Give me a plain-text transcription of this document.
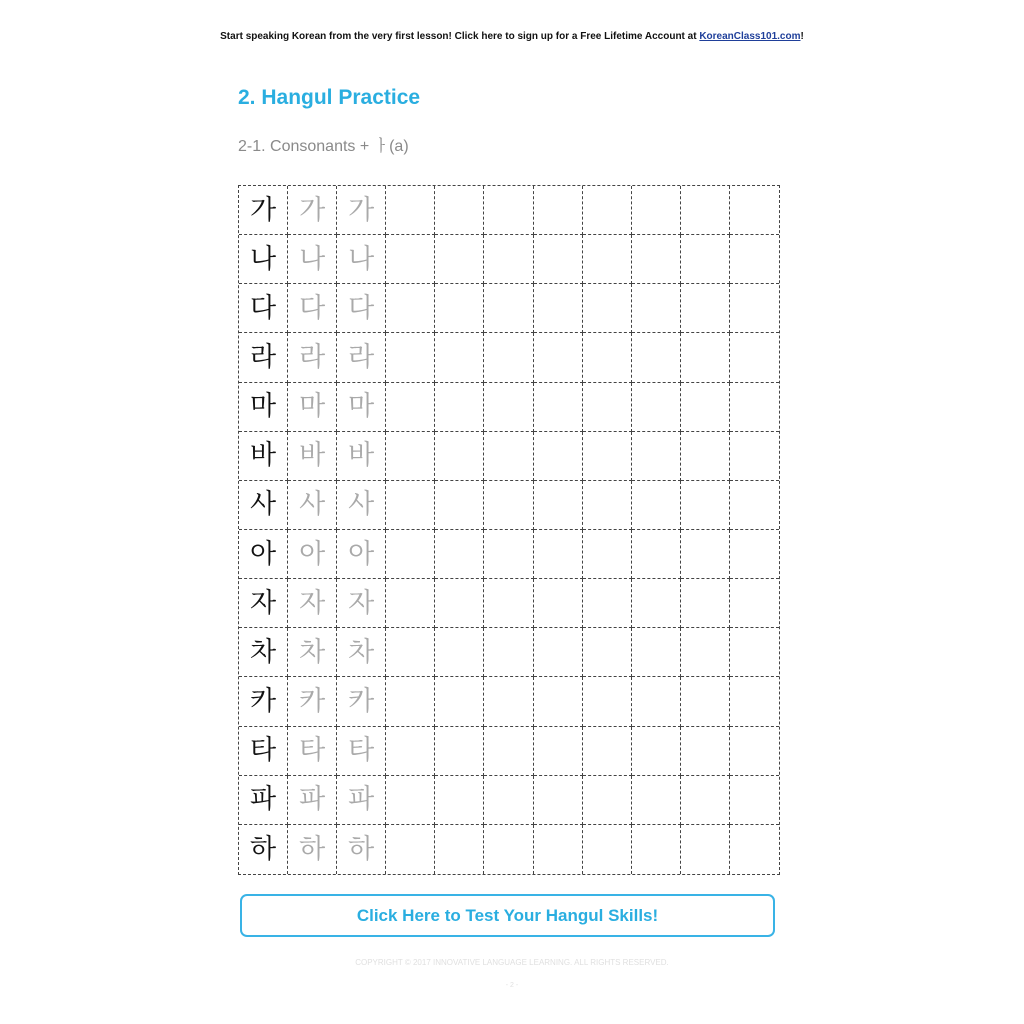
Start speaking Korean from the very first lesson! Click here to sign up for a Free Lifetime Account at KoreanClass101.com!
2. Hangul Practice
2-1. Consonants + ㅏ(a)
가 가 가
나 나 나
다 다 다
라 라 라
마 마 마
바 바 바
사 사 사
아 아 아
자 자 자
차 차 차
카 카 카
타 타 타
파 파 파
하 하 하
Click Here to Test Your Hangul Skills!
COPYRIGHT © 2017 INNOVATIVE LANGUAGE LEARNING. ALL RIGHTS RESERVED.
- 2 -
